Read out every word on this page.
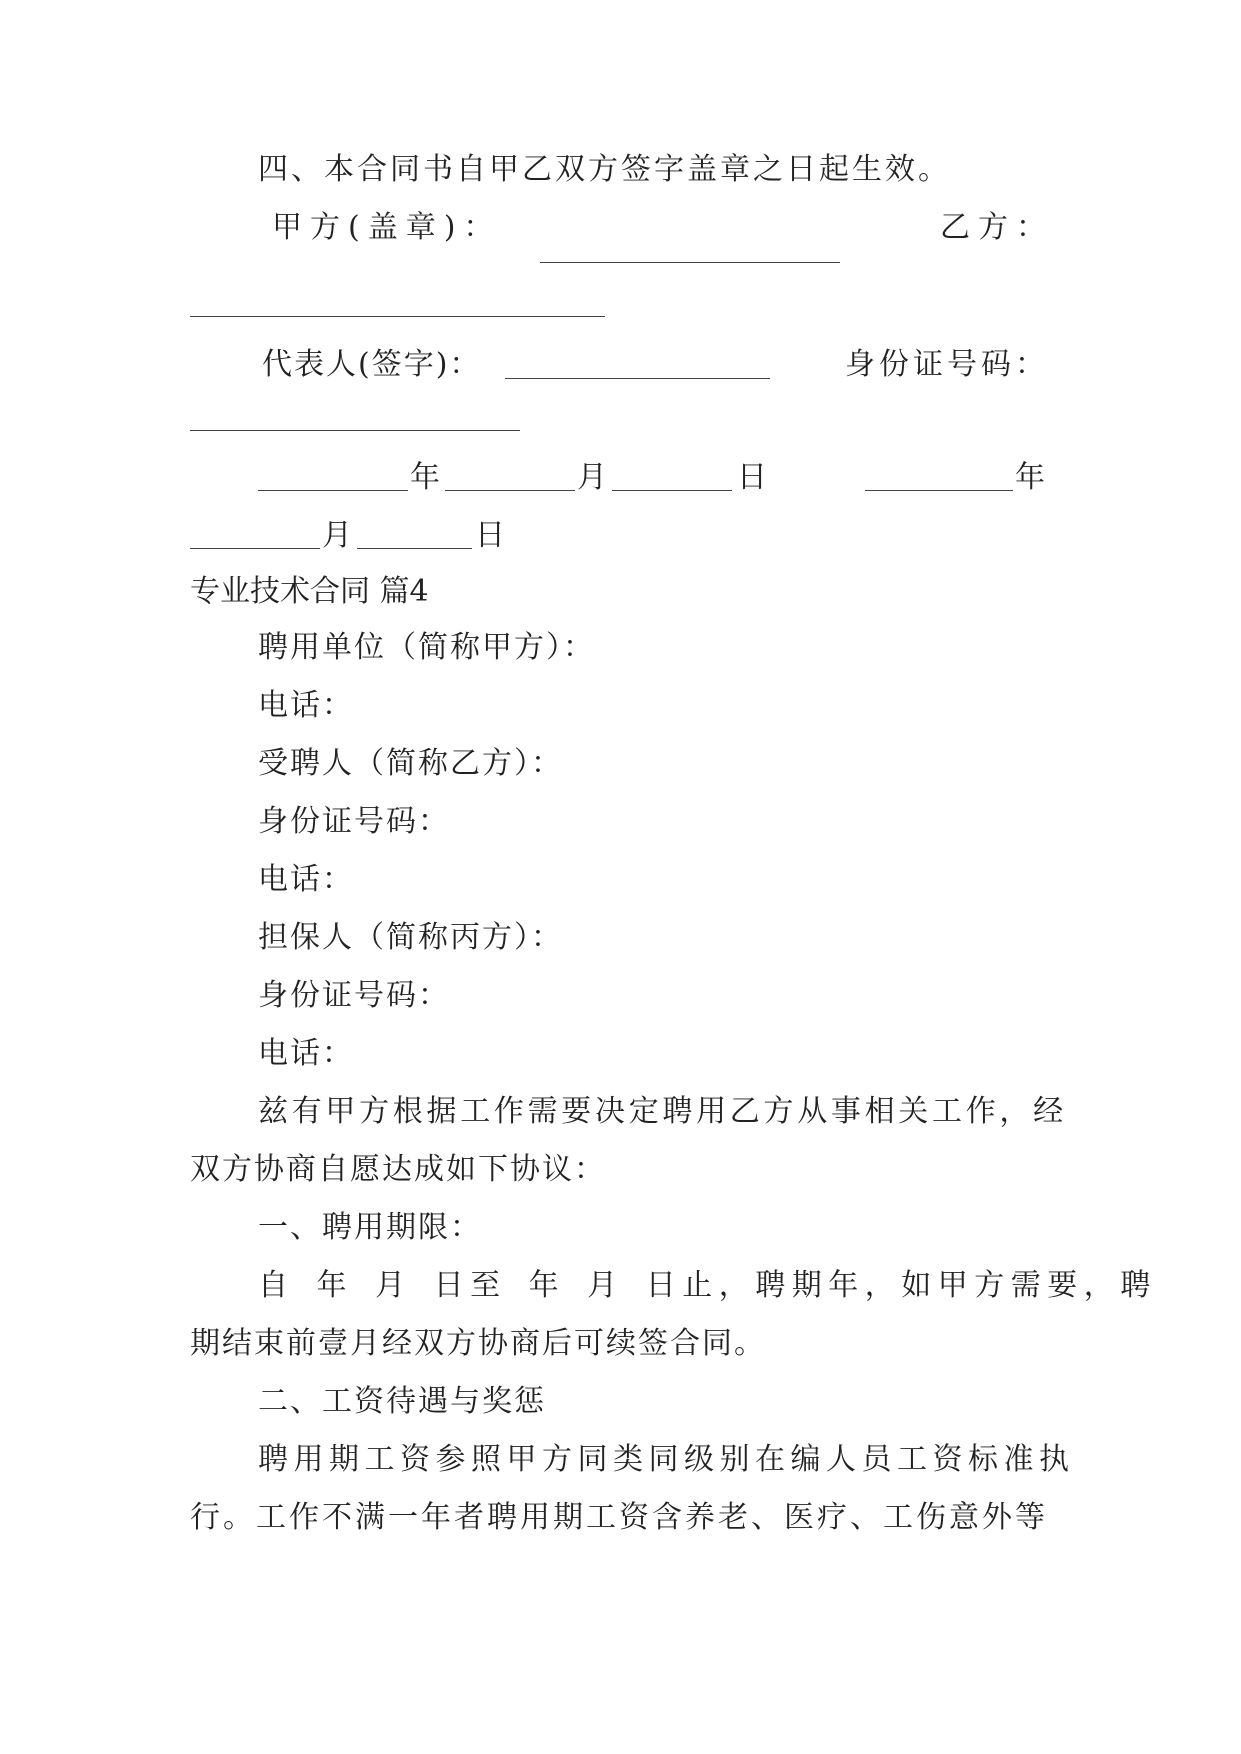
四、本合同书自甲乙双方签字盖章之日起生效。
甲方(盖章)：	乙方：
代表人(签字)：	身份证号码：
年	月	日	年
月	日
专业技术合同 篇4
聘用单位（简称甲方）：
电话：
受聘人（简称乙方）：
身份证号码：
电话：
担保人（简称丙方）：
身份证号码：
电话：
兹有甲方根据工作需要决定聘用乙方从事相关工作，经
双方协商自愿达成如下协议：
一、聘用期限：
自 年 月 日至 年 月 日止，聘期年，如甲方需要，聘
期结束前壹月经双方协商后可续签合同。
二、工资待遇与奖惩
聘用期工资参照甲方同类同级别在编人员工资标准执
行。工作不满一年者聘用期工资含养老、医疗、工伤意外等
